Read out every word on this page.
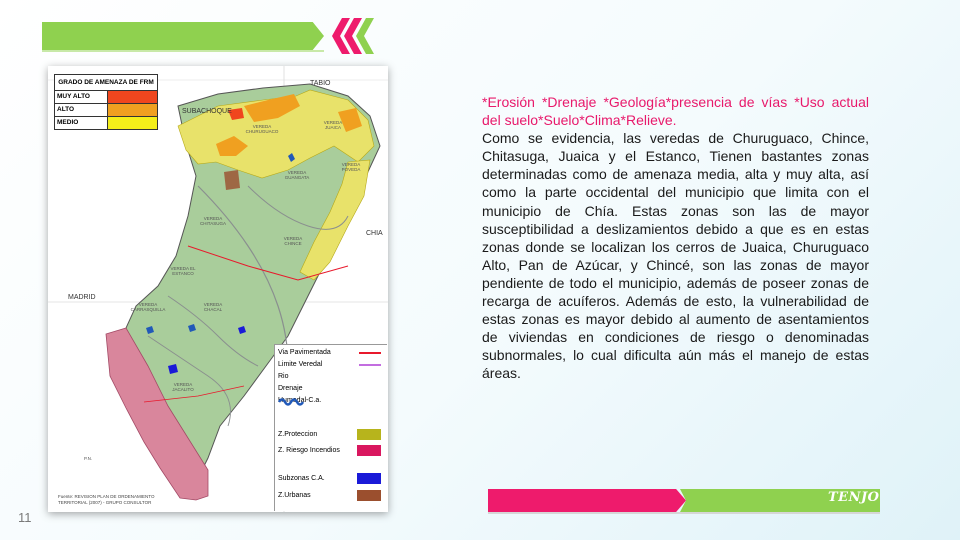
GRADO DE AMENAZA DE FRM
MUY ALTO
ALTO
MEDIO
SUBACHOQUE
TABIO
CHIA
MADRID
P.N.
VEREDA EL ESTANCO
VEREDA CHITASUGA
VEREDA JUAICA
VEREDA CHURUGUACO
VEREDA CHINCE
VEREDA POVEDA
VEREDA CARRASQUILLA
VEREDA CHACAL
VEREDA JACALITO
VEREDA GUANGATA
Via Pavimentada
Limite Veredal
Rio
Drenaje
Humedal-C.a.
Z.Proteccion
Z. Riesgo Incendios
Subzonas C.A.
Z.Urbanas
Fuente: REVISION PLAN DE ORDENAMIENTO TERRITORIAL (2007) - GRUPO CONSULTOR

*Erosión *Drenaje *Geología*presencia de vías *Uso actual del suelo*Suelo*Clima*Relieve.

Como se evidencia, las veredas de Churuguaco, Chince, Chitasuga, Juaica y el Estanco, Tienen bastantes zonas determinadas como de amenaza media, alta y muy alta, así como la parte occidental del municipio que limita con el municipio de Chía. Estas zonas son las de mayor susceptibilidad a deslizamientos debido a que es en estas zonas donde se localizan los cerros de Juaica, Churuguaco Alto, Pan de Azúcar, y Chincé, son las zonas de mayor pendiente de todo el municipio, además de poseer zonas de recarga de acuíferos. Además de esto, la vulnerabilidad de estas zonas es mayor debido al aumento de asentamientos de viviendas en condiciones de riesgo o denominadas subnormales, lo cual dificulta aún más el manejo de estas áreas.

TENJO
11
